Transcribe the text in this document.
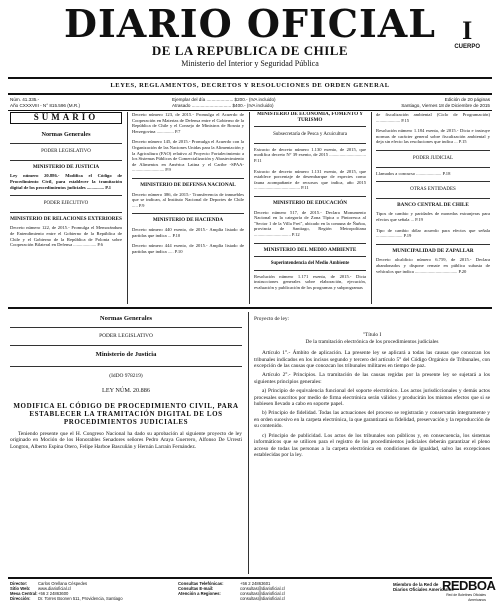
DIARIO OFICIAL
DE LA REPUBLICA DE CHILE
Ministerio del Interior y Seguridad Pública
I
CUERPO
LEYES, REGLAMENTOS, DECRETOS Y RESOLUCIONES DE ORDEN GENERAL
Núm. 41.335.-
Año CXXXVIII - N° 815.596 (M.R.)
Ejemplar del día ..................... $200.- (IVA incluido)
Atrasado ............................... $400.- (IVA incluido)
Edición de 20 páginas
Santiago, Viernes 18 de Diciembre de 2015
SUMARIO
Normas Generales
PODER LEGISLATIVO
MINISTERIO DE JUSTICIA
Ley número 20.886.- Modifica el Código de Procedimiento Civil, para establecer la tramitación digital de los procedimientos judiciales ............... P.1
PODER EJECUTIVO
MINISTERIO DE RELACIONES EXTERIORES
Decreto número 122, de 2015.- Promulga el Memorándum de Entendimiento entre el Gobierno de la República de Chile y el Gobierno de la República de Polonia sobre Cooperación Bilateral en Defensa .................... P.6
Decreto número 123, de 2015.- Promulga el Acuerdo de Cooperación en Materias de Defensa entre el Gobierno de la República de Chile y el Consejo de Ministros de Bosnia y Herzegovina ............... P.7
Decreto número 145, de 2015.- Promulga el Acuerdo con la Organización de las Naciones Unidas para la Alimentación y la Agricultura (FAO) relativo al Proyecto Fortalecimiento a los Sistemas Públicos de Comercialización y Abastecimiento de Alimentos en América Latina y el Caribe -SPAA- ............................ P.9
MINISTERIO DE DEFENSA NACIONAL
Decreto número 386, de 2015.- Transferencia de inmuebles que se indican, al Instituto Nacional de Deportes de Chile ..... P.9
MINISTERIO DE HACIENDA
Decreto número 440 exento, de 2015.- Amplía listado de partidas que indica ... P.10
Decreto número 444 exento, de 2015.- Amplía listado de partidas que indica ..... P.10
MINISTERIO DE ECONOMÍA, FOMENTO Y TURISMO
Subsecretaría de Pesca y Acuicultura
Extracto de decreto número 1.130 exento, de 2015, que modifica decreto N° 39 exento, de 2015 ................................ P.11
Extracto de decreto número 1.131 exento, de 2015, que establece porcentaje de desembarque de especies como fauna acompañante de recursos que indica, año 2015 ........................................ P.11
MINISTERIO DE EDUCACIÓN
Decreto número 517, de 2015.- Declara Monumento Nacional en la categoría de Zona Típica o Pintoresca al "Sector 1 de la Villa Frei", ubicado en la comuna de Ñuñoa, provincia de Santiago, Región Metropolitana ................................ P.12
MINISTERIO DEL MEDIO AMBIENTE
Superintendencia del Medio Ambiente
Resolución número 1.171 exenta, de 2015.- Dicta instrucciones generales sobre elaboración, ejecución, evaluación y publicación de los programas y subprogramas
de fiscalización ambiental (Ciclo de Programación) ..................... P.15
Resolución número 1.184 exenta, de 2015.- Dicta e instruye normas de carácter general sobre fiscalización ambiental y deja sin efecto las resoluciones que indica ... P.15
PODER JUDICIAL
Llamados a concurso ...................... P.18
OTRAS ENTIDADES
BANCO CENTRAL DE CHILE
Tipos de cambio y paridades de monedas extranjeras para efectos que señala ... P.19
Tipo de cambio dólar acuerdo para efectos que señala ....................... P.19
MUNICIPALIDAD DE ZAPALLAR
Decreto alcaldicio número 6.759, de 2015.- Declara abandonados y dispone remate en pública subasta de vehículos que indica ..................................... P.20
Normas Generales
PODER LEGISLATIVO
Ministerio de Justicia
(IdDO 978219)
LEY NÚM. 20.886
MODIFICA EL CÓDIGO DE PROCEDIMIENTO CIVIL, PARA ESTABLECER LA TRAMITACIÓN DIGITAL DE LOS PROCEDIMIENTOS JUDICIALES
Teniendo presente que el H. Congreso Nacional ha dado su aprobación al siguiente proyecto de ley originado en Moción de los Honorables Senadores señores Pedro Araya Guerrero, Alfonso De Urresti Longton, Alberto Espina Otero, Felipe Harboe Bascuñán y Hernán Larraín Fernández.
Proyecto de ley:
"Título I
De la tramitación electrónica de los procedimientos judiciales
Artículo 1°.- Ámbito de aplicación. La presente ley se aplicará a todas las causas que conozcan los tribunales indicados en los incisos segundo y tercero del artículo 5° del Código Orgánico de Tribunales, con excepción de las causas que conozcan los tribunales militares en tiempo de paz.
Artículo 2°.- Principios. La tramitación de las causas regidas por la presente ley se sujetará a los siguientes principios generales:
a) Principio de equivalencia funcional del soporte electrónico. Los actos jurisdiccionales y demás actos procesales suscritos por medio de firma electrónica serán válidos y producirán los mismos efectos que si se hubiesen llevado a cabo en soporte papel.
b) Principio de fidelidad. Todas las actuaciones del proceso se registrarán y conservarán íntegramente y en orden sucesivo en la carpeta electrónica, la que garantizará su fidelidad, preservación y la reproducción de su contenido.
c) Principio de publicidad. Los actos de los tribunales son públicos y, en consecuencia, los sistemas informáticos que se utilicen para el registro de los procedimientos judiciales deberán garantizar el pleno acceso de todas las personas a la carpeta electrónica en condiciones de igualdad, salvo las excepciones establecidas por la ley.
Director:	Carlos Orellana Céspedes
Sitio Web:	www.diarioficial.cl
Mesa Central: +56 2 24863600
Dirección:	Dr. Torres Boonen 511, Providencia, Santiago
Consultas Telefónicas:	+56 2 24863601
Consultas E-mail:	consultas@diarioficial.cl
Atención a Regiones:	consultas@diarioficial.cl
consultas@diarioficial.cl
Miembro de la Red de
Diarios Oficiales Americanos
RED BOA
Red de Boletines Oficiales Americanos
